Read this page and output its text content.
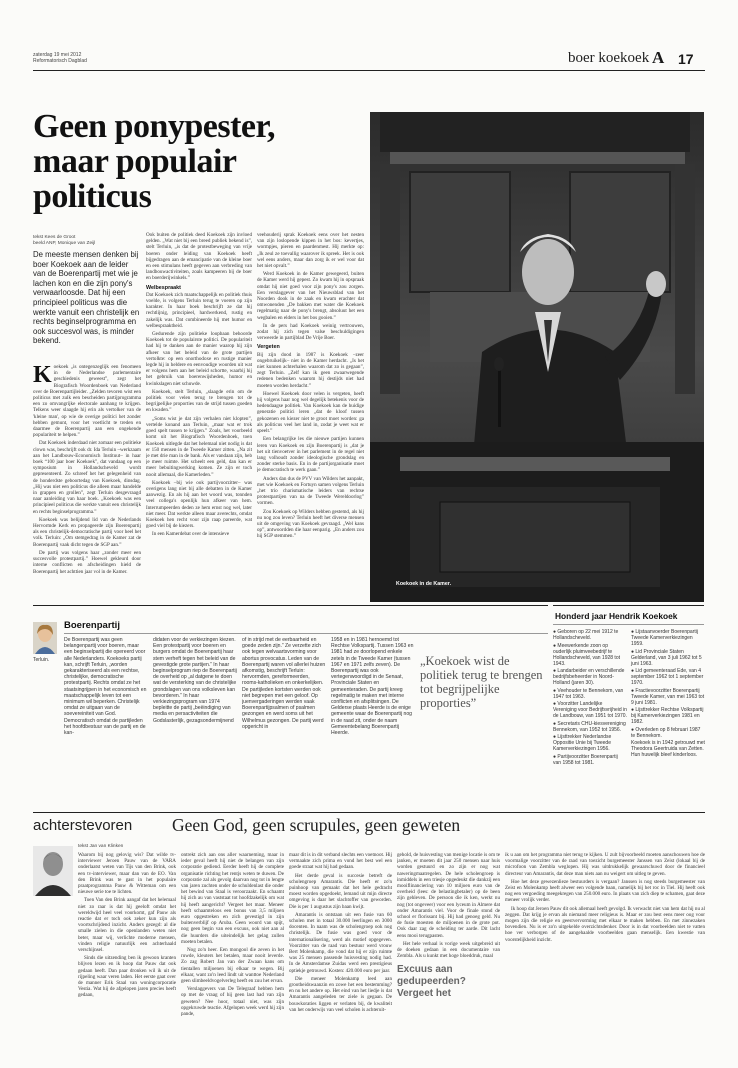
zaterdag 19 mei 2012
Reformatorisch Dagblad	boer koekoek A 17
Geen ponypester,
maar populair
politicus
tekst Kees de Groot
beeld ANP, Monique van Zeijl
De meeste mensen denken bij boer Koekoek aan de leider van de Boerenpartij met wie je lachen kon en die zijn pony's verwaarloosde. Dat hij een principieel politicus was die werkte vanuit een christelijk en rechts beginselprogramma en ook succesvol was, is minder bekend.
Koekoek in de Kamer.

Koekoek „is ontegenzeglijk een fenomeen in de Nederlandse parlementaire geschiedenis geweest”, zegt het Biografisch Woordenboek van Nederland over de Boerenpartijleider. „Zelden tevoren wist een politicus met zulk een bescheiden partijprogramma een zo omvangrijke electorale aanhang te krijgen. Telkens weer slaagde hij erin als vertolker van de 'kleine man', op wie de overige politici het zonder hebben gemunt, voor het voetlicht te treden en daarmee de Boerenpartij aan een ongekende populariteit te helpen.”

Dat Koekoek inderdaad niet zomaar een politieke clown was, beschrijft ook dr. Ida Terluin –werkzaam aan het Landbouw-Economisch Instituut– in haar boek “100 jaar boer Koekoek”, dat vandaag op een symposium in Hollandscheveld wordt gepresenteerd. Zo schreef het het gelegenheid van de honderdste geboortedag van Koekoek, dinsdag. „Hij was niet een politicus die alleen maar handelde in grappen en grollen”, zegt Terluin desgevraagd naar aanleiding van haar boek. „Koekoek was een principieel politicus die werkte vanuit een christelijk en rechts beginselprogramma.”

Koekoek was belijdend lid van de Nederlands Hervormde Kerk en propageerde zijn Boerenpartij als een christelijk-democratische partij voor heel het volk. Terluin: „Om stemgedrag in de Kamer zat de Boerenpartij vaak dicht tegen de SGP aan.”

De partij was volgens haar „zonder meer een succesvolle protestpartij.” Hoewel gekleurd door interne conflicten en afscheidingen hield de Boerenpartij het achttien jaar vol in de Kamer.

Ook buiten de politiek deed Koekoek zijn invloed gelden. „Wat niet bij een breed publiek bekend is”, stelt Terluin, „is dat de protestbeweging van vrije boeren onder leiding van Koekoek heeft bijgedragen aan de emancipatie van de kleine boer en een stimulans heeft gegeven aan verbreding van landbouwactiviteiten, zoals kampeeren bij de boer en boerderijwinkels.”

Welbespraakt

Dat Koekoek zich maatschappelijk en politiek thuis voelde, is volgens Terluin terug te voeren op zijn karakter. In haar boek beschrijft ze dat hij rechtlijnig, principieel, hardwerkend, rustig en zakelijk was. Dat combineerde hij met humor en welbespraaktheid.

Gedurende zijn politieke loopbaan behoorde Koekoek tot de populairste politici. De populariteit had hij te danken aan de manier waarop hij zijn afkeer van het beleid van de grote partijen vertolkte: op een onorthodoxe en rustige manier legde hij in heldere en eenvoudige woorden uit wat er volgens hem aan het beleid schortte, waarbij hij het gebruik van boerenwijsheden, humor en kwinkslagen niet schuwde.

Koekoek, stelt Terluin, „slaagde erin om de politiek voor velen terug te brengen tot de begrijpelijke proporties van de strijd tussen goeden en kwaden.”

„Soms wist je dat zijn verhalen niet klopten”, vertelde konand aan Terluin, „maar wat er trok goed spelt tussen te krijgen.” Zoals, het voorbeeld komt uit het Biografisch Woordenboek, toen Koekoek uitlegde dat het helemaal niet nodig is dat er 150 mensen in de Tweede Kamer zitten. „Na zit je met drie man in de bank. Als er vandaan zijn, heb je meer ruimte. Het scheelt een geld, dan kan er meer bebuitingwerking komen. Ze zijn er toch nooit allemaal, die Kamerleden.”

Koekoek –bij wie ook partijvoorzitter– was overigens lang niet bij alle debatten in de Kamer aanwezig. En als hij aan het woord was, tonnden veel collega's openlijk hun afkeer van hem. Interrumpeerden deden ze hem ernst nog wel, later niet meer. Dat werkte alleen maar averechts, omdat Koekoek hen recht voor zijn raap pareerde, wat goed viel bij de kiezers.

In een Kamerdebat over de intensieve

veehouderij sprak Koekoek eens over het nesten van zijn loslopende kippen in het bos: kevertjes, wormpjes, pieren en paardenmest. Hij merkte op: „Ik zeul ze toevallig waarover ik spreek. Het is ook wel eens anders, maar dan zorg ik er wel voor dat het niet opvalt.”

Werd Koekoek in de Kamer gewegeerd, buiten de Kamer werd hij gepest. Zo kwam hij in opspraak omdat hij niet goed voor zijn pony's zou zorgen. Een verslaggever van het Nieuwsblad van het Noorden dook in de zaak en kwam erachter dat omwonenden „De bakken met water die Koekoek regelmatig naar de pony's brengt, absoluut het een wegbalen en elders in het bos gooien.”

In de pers had Koekoek weinig vertrouwen, zodat hij zich tegen valse beschuldigingen verweerde in partijblad De Vrije Boer.

Vergeten

Bij zijn dood in 1987 is Koekoek –zeer ongebruikelijk– niet in de Kamer herdacht. „Is het niet kunnen achterhalen waarom dat zo is gegaan”, zegt Terluin. „Zelf kan ik geen zwaarwegende redenen bedenken waarom hij destijds niet had moeten worden herdacht.”

Hoewel Koekoek door velen is vergeten, heeft hij volgens haar nog wel degelijk betekenis voor de hedendaagse politiek. Van Koekoek kan de huidige generatie politici leren „dat de kloof tussen gekozenen en kiezer niet te groot moet worden: ga als politicus veel het land in, zodat je weet wat er speelt.”

Een belangrijke les die nieuwe partijen kunnen leren van Koekoek en zijn Boerenpartij is „dat je het uit tienvoetver in het parlement in de regel niet lang volhoudt zonder ideologische grondslag en zonder sterke basis. En in de partijorganisatie moet je democratisch te werk gaan.”

Anders dan dus de PVV van Wilders het aanpakt, met wie Koekoek en Fortuyn samen volgens Terluin „het trio charismatische leiders van rechtse protestpartijen van na de Tweede Wereldoorlog” vormen.

Zou Koekoek op Wilders hebben gestemd, als hij nu nog zou leven? Terluin heeft het diverse mensen uit de omgeving van Koekoek gevraagd. „Wel kans op”, antwoordden die haar eenparig. „En anders zou hij SGP stemmen.”

Honderd jaar Hendrik Koekoek
● Geboren op 22 mei 1912 te Hollandscheveld.
● Meewerkende zoon op ouderlijk pluimveebedrijf te Hollandscheveld, van 1928 tot 1943.
● Landarbeider en verschillende bedrijfsbeheerder in Noord-Holland (jaren 30).
● Veehouder te Bennekom, van 1947 tot 1963.
● Voorzitter Landelijke Vereniging voor Bedrijfsvrijheid in de Landbouw, van 1951 tot 1970.
● Secretaris CHU-kiesvereniging Bennekom, van 1952 tot 1956.
● Lijsttrekker Nederlandse Oppositie Unie bij Tweede Kamerverkiezingen 1956.
● Partijvoorzitter Boerenpartij van 1958 tot 1981.
● Lijstaanvoerder Boerenpartij Tweede Kamerverkiezingen 1959.
● Lid Provinciale Staten Gelderland, van 3 juli 1962 tot 5 juni 1963.
● Lid gemeenteraad Ede, van 4 september 1962 tot 1 september 1970.
● Fractievoorzitter Boerenpartij Tweede Kamer, van mei 1963 tot 9 juni 1981.
● Lijsttrekker Rechtse Volkspartij bij Kamerverkiezingen 1981 en 1982.
● Overleden op 8 februari 1987 te Bennekom.
Koekoek is in 1942 getrouwd met Theodora Geertruida van Zetten. Hun huwelijk bleef kinderloos.
Terluin.
Boerenpartij
De Boerenpartij was geen belangenpartij voor boeren, maar een beginselpartij die opereerd voor alle Nederlanders. Koekoeks partij kan, schrijft Terluin, „worden gekarakteriseerd als een rechtse, christelijke, democratische protestpartij. Rechts omdat ze het staatsingrijpen in het economisch en maatschappelijk leven tot een minimum wil beperken. Christelijk omdat ze uitgaan van de soevereiniteit van God. Democratisch omdat de partijleden het hoofdbestuur van de partij en de kan-
didaten voor de verkiezingen kiezen. Een protestpartij voor boeren en burgers omdat de Boerenpartij haar stem verheft tegen het beleid van de gevestigde grote partijen.” In haar beginselprogram riep de Boerenpartij de overheid op „al datgene te doen wat de versterking van de christelijke grondslagen van ons volksleven kan bevorderen.” In haar verkiezingsprogram van 1974 bepleitte de partij „beëindiging van media en persactiviteiten die Godslasterlijk, gezagsondermijnend
of in strijd met de eerbaarheid en goede zeden zijn.” Ze verzette zich ook tegen welvaartsvorming voor abortus provocatus. Leden van de Boerenpartij waren vol allerlei huizen afkomstig, beschrijft Terluin: hervormden, gereformeerden, rooms-katholieken en onkerkelijken. De partijleden kortsten werden ook niet begrepen met een geloof. Op juenvergaderingen werden vaak Boerenpartijpsalmen of psalmen gezongen en werd soms uit het Wilhelmus gezongen. De partij werd opgericht in
1958 en in 1981 hernoemd tot Rechtse Volkspartij. Tussen 1963 en 1981 had ze doorlopend enkele zetels in de Tweede Kamer (tussen 1967 en 1971 zelfs zeven). De Boerenpartij was ook vertegenwoordigd in de Senaat, Provinciale Staten en gemeenteraden. De partij kreeg regelmatig te maken met interne conflicten en afsplitsingen. De Gelderse plaats Heerde is de enige gemeente waar de Boerenpartij nog in de raad zit, onder de naam Gemeentebelang Boerenpartij Heerde.
„Koekoek wist de politiek terug te brengen tot begrijpelijke proporties”
achterstevoren Geen God, geen scrupules, geen geweten
tekst Jan van Klinken

Waarom bij nog gelovig wis? Dat wilde tv-interviewer Jeroen Pauw van de VARA onderlaatst weten van Tijs van den Brink, ook een tv-interviewer, maar dan van de EO. Van den Brink was te gast in het populaire praatprogramma Pauw & Witteman om een nieuwe serie toe te lichten.

Toen Van den Brink aangaf dat het helemaal niet zo raar is dat hij geeloft omdat het wereldwijd heel veel voorkomt, gaf Pauw als reactie dat er toch ook zeker kun zijn als voortschrijdend inzicht. Anders gezegd: al die smalle zielen in die openlanden weten niet beter, maar wij, verlichte moderne mensen, vinden religie natuurlijk een achterhaald verschijnsel.

Sinds die uitzending ben ik gewoon kranten blijven lezen en ik hoop dat Pauw dat ook gedaan heeft. Dan paar dronken wil ik uit de rijpeling waar veren laden. Het eerste gaat over de manner Erik Staal van woningcorporatie Vestia. Wat hij de afgelopen jaren precies heeft gedaan,

ontrekt zich aan ons aller waarneming, maar in ieder geval heeft hij niet de belangen van zijn corporatie gediend. Eerder heeft hij de complete organisatie richting het rentjs weten te duwen. De corporatie zal als gevolg daarvan nog tot in lengte van jaren zuchten onder de schuldenlast die onder het bewind van Staal is veroorzaakt. En schaamt hij zich au van vaststaat tot hoofdzakelijk om wat hij heeft aangericht? Vergeet het maar. Meneer heeft schaamteloos een bonus van 3,5 miljoen euro opgestreken en zich gevestigd in zijn buitenverblijf op Aruba. Geen woord van spijt, nog geen begin van een excuus, ook niet aan al die huurders die uiteindelijk het gelag zullen moeten betalen.

Nog zo'n heer. Een mongool die zeven in het ruwde, kleuters het betalen, maar nooit leverde. Zo zag Robert Jan van der Zwaan kans om tientallen miljoenen bij elkaar te wegen. Bij elkaar, want zo'n leed lindt uit wanttoe Nederland geen slimbeeldvogelverleg heeft en zuu het ervan.

Verslaggevers van De Telegraaf hebben hem op met de vraag of hij geen last had van zijn geweten? Nee hoor, totaal niet, was zijn opgekruwde teactie. Afgelopen week werd hij zijn pande,

maar dit is in dit verband slechts een voetnoot. Hij vermaakte zich prima en vond het best wel een goede straat wat hij had gedaan.

Het derde geval is succesie betreft de scholengroep Amarantis. Die heeft er zo'n puinhoop van gemaakt dat het hele gedracht moest worden opgedoekt, lemand uit mijn directe omgeving is daar het slachtoffer van geworden. Die is per 1 augustus zijn baan kwijt.

Amarantis is ontstaan uit een fusie van 60 scholen met in totaal 30.000 leerlingen en 3000 docenten. In naam was de scholengroep ook nog christelijk. De fusie was goed voor de internationalisering, werd als motief opgegeven. Voorzitter van de raad van bestuur werd vrouw Bert Molenkamp, die vond dat hij er zijn ruimte was 25 mensen passende huisvesting nodig had. In de Amsterdamse Zuidas werd een prestigieus optiekje getrouwd. Kosten: 420.000 euro per jaar.

Die meneer Molenkamp leed aan grootheidswaanzin en zowe het een bestemming? en nu het andere op. Het eind van het liedje is dat Amarantis aangeleden ter ziele is gegaan. De bouwkoraties liggen er verlaten bij, de kwaliteit van het onderwijs van veel scholen is achteruit-

gehold, de huisvesting van menige locatie is om te janken, er moeten dit jaar 250 mensen naar huis worden gestuurd en zo zijn er nog wat naweringmaatregelen. De hele scholengroep is inmiddels in een triesje opgedeukt die dankzij een mooiflinanciering van 10 miljoen euro van de overheid (lees: de belastingbetaler) op de been zijn gehleven. De persoon die ik ken, werkt nu nog (tot ongeveer) voor een lyceum in Almere dat onder Amarantis viel. Voor de finale stond de school er florissant bij. Hij had genoeg geld. Nu de fusie moesten de miljoenen in de grote pot. Ook daar zag de scheiding ter aarde. Dit lacht eens mooi terugpasten.

Het hele verhaal is vorige week uitgebreid uit de doeken gedaan in een documentaire van Zembla. Als u kunkt met hoge bloeddruk, maal

Excuus aan
gedupeerden?
Vergeet het

ik u aan om het programma niet terug te kijken. U zult bijvoorbeeld moeten aanschouwen hoe de voormalige voorzitter van de raad van toezicht burgemeester Janssen van Zeist (lokaal bij de microfoon van Zembla weglopen. Hij was uitdrukkelijk gewaarschuwd door de financieel directeur van Amarantis, dat deze man niets aan nu weigert om uitleg te geven.

Hoe het deze gewezenlieze bestuurders is vergaan? Janssen is nog steeds burgemeester van Zeist en Molenkamp heeft alweer een volgende baan, namelijk bij het roc in Tiel. Hij heeft ook nog een vergoeding meegekregen van 250.000 euro. In plaats van zich diep te schamen, gaat deze meneer vrolijk verder.

Ik hoop dat Jeroen Pauw dit ook allemaal heeft gevolgd. Ik verwacht niet van hem dat hij nu al zeggen. Dat krijg je ervan als niemand meer religieus is. Maar er zou best eens meer oog voor mogen zijn die religie en geestvervorming met elkaar te maken hebben. En met zinnezaken bovendien. Nu is er zo'n uitgekelde overzichtsdenker. Door is in dat voorbeelden niet te vatten hoe ver verborgen of de aangehaalde voorbeelden gaan menselijk. Een kwestie van voorstelijkheid inzicht.
